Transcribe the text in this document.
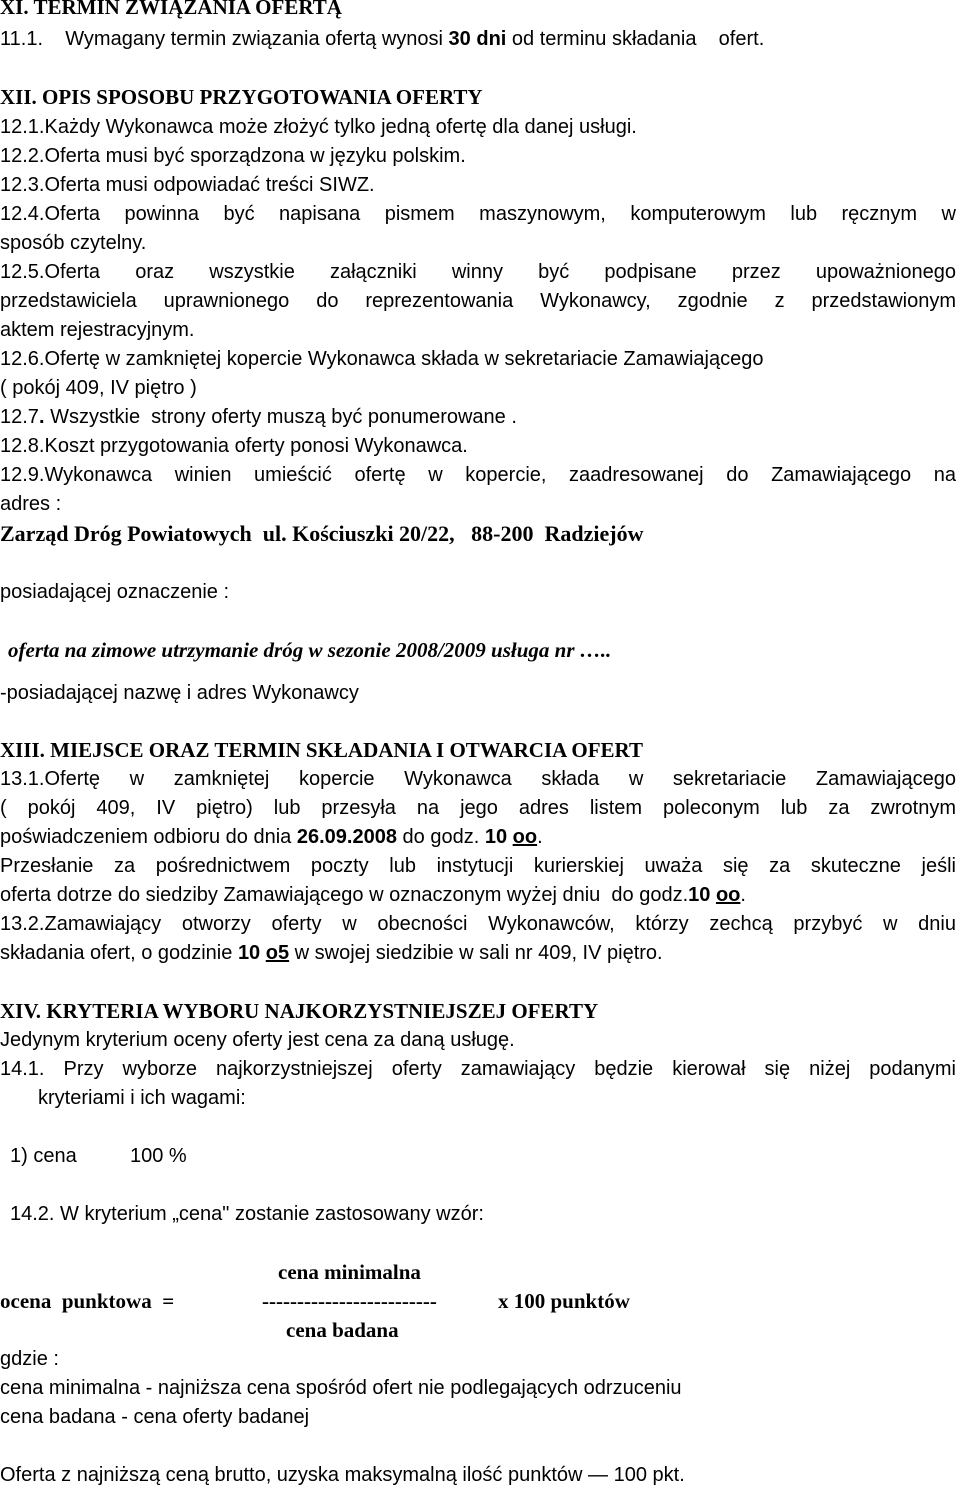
XI. TERMIN ZWIĄZANIA OFERTĄ
11.1. Wymagany termin związania ofertą wynosi 30 dni od terminu składania    ofert.
XII. OPIS SPOSOBU PRZYGOTOWANIA OFERTY
12.1.Każdy Wykonawca może złożyć tylko jedną ofertę dla danej usługi.
12.2.Oferta musi być sporządzona w języku polskim.
12.3.Oferta musi odpowiadać treści SIWZ.
12.4.Oferta powinna być napisana pismem maszynowym, komputerowym lub ręcznym w
sposób czytelny.
12.5.Oferta oraz wszystkie załączniki winny być podpisane przez upoważnionego
przedstawiciela uprawnionego do reprezentowania Wykonawcy, zgodnie z przedstawionym
aktem rejestracyjnym.
12.6.Ofertę w zamkniętej kopercie Wykonawca składa w sekretariacie Zamawiającego
( pokój 409, IV piętro )
12.7. Wszystkie  strony oferty muszą być ponumerowane .
12.8.Koszt przygotowania oferty ponosi Wykonawca.
12.9.Wykonawca winien umieścić ofertę w kopercie, zaadresowanej do Zamawiającego na
adres :
Zarząd Dróg Powiatowych  ul. Kościuszki 20/22,   88-200  Radziejów
posiadającej oznaczenie :
oferta na zimowe utrzymanie dróg w sezonie 2008/2009 usługa nr …..
-posiadającej nazwę i adres Wykonawcy
XIII. MIEJSCE ORAZ TERMIN SKŁADANIA I OTWARCIA OFERT
13.1.Ofertę w zamkniętej kopercie Wykonawca składa w sekretariacie Zamawiającego
( pokój 409, IV piętro) lub przesyła na jego adres listem poleconym lub za zwrotnym
poświadczeniem odbioru do dnia 26.09.2008 do godz. 10 oo.
Przesłanie za pośrednictwem poczty lub instytucji kurierskiej uważa się za skuteczne jeśli
oferta dotrze do siedziby Zamawiającego w oznaczonym wyżej dniu  do godz.10 oo.
13.2.Zamawiający otworzy oferty w obecności Wykonawców, którzy zechcą przybyć w dniu
składania ofert, o godzinie 10 o5 w swojej siedzibie w sali nr 409, IV piętro.
XIV. KRYTERIA WYBORU NAJKORZYSTNIEJSZEJ OFERTY
Jedynym kryterium oceny oferty jest cena za daną usługę.
14.1. Przy wyborze najkorzystniejszej oferty zamawiający będzie kierował się niżej podanymi
kryteriami i ich wagami:
1) cena	100 %
14.2. W kryterium „cena" zostanie zastosowany wzór:
cena minimalna
ocena  punktowa  =	-------------------------	x 100 punktów
cena badana
gdzie :
cena minimalna - najniższa cena spośród ofert nie podlegających odrzuceniu
cena badana - cena oferty badanej
Oferta z najniższą ceną brutto, uzyska maksymalną ilość punktów — 100 pkt.
